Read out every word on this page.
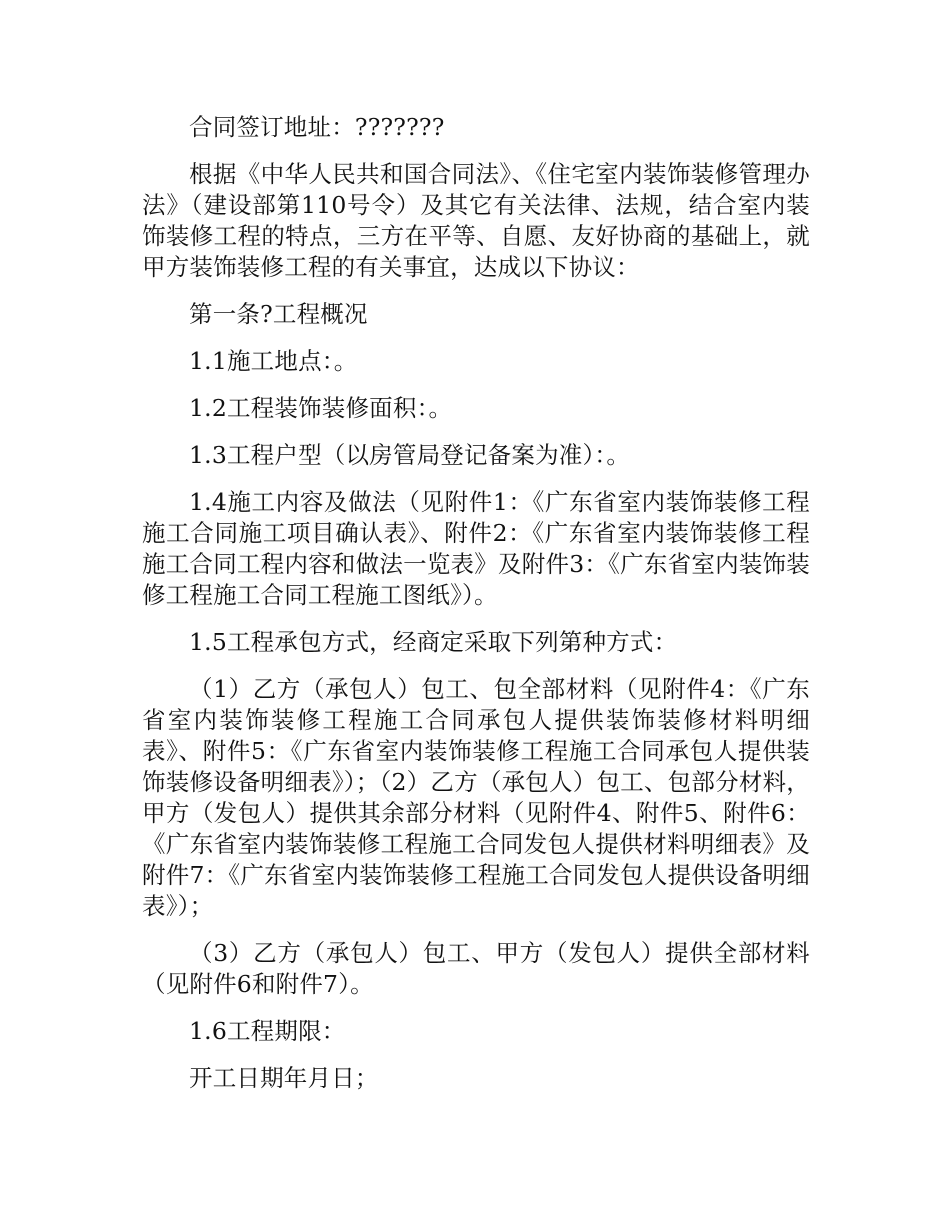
合同签订地址：???????

根据《中华人民共和国合同法》、《住宅室内装饰装修管理办法》（建设部第110号令）及其它有关法律、法规，结合室内装饰装修工程的特点，三方在平等、自愿、友好协商的基础上，就甲方装饰装修工程的有关事宜，达成以下协议：

第一条?工程概况

1.1施工地点：。

1.2工程装饰装修面积：。

1.3工程户型（以房管局登记备案为准）：。

1.4施工内容及做法（见附件1：《广东省室内装饰装修工程施工合同施工项目确认表》、附件2：《广东省室内装饰装修工程施工合同工程内容和做法一览表》及附件3：《广东省室内装饰装修工程施工合同工程施工图纸》）。

1.5工程承包方式，经商定采取下列第种方式：

（1）乙方（承包人）包工、包全部材料（见附件4：《广东省室内装饰装修工程施工合同承包人提供装饰装修材料明细表》、附件5：《广东省室内装饰装修工程施工合同承包人提供装饰装修设备明细表》）；（2）乙方（承包人）包工、包部分材料，甲方（发包人）提供其余部分材料（见附件4、附件5、附件6：《广东省室内装饰装修工程施工合同发包人提供材料明细表》及附件7：《广东省室内装饰装修工程施工合同发包人提供设备明细表》）；

（3）乙方（承包人）包工、甲方（发包人）提供全部材料（见附件6和附件7）。

1.6工程期限：

开工日期年月日；
